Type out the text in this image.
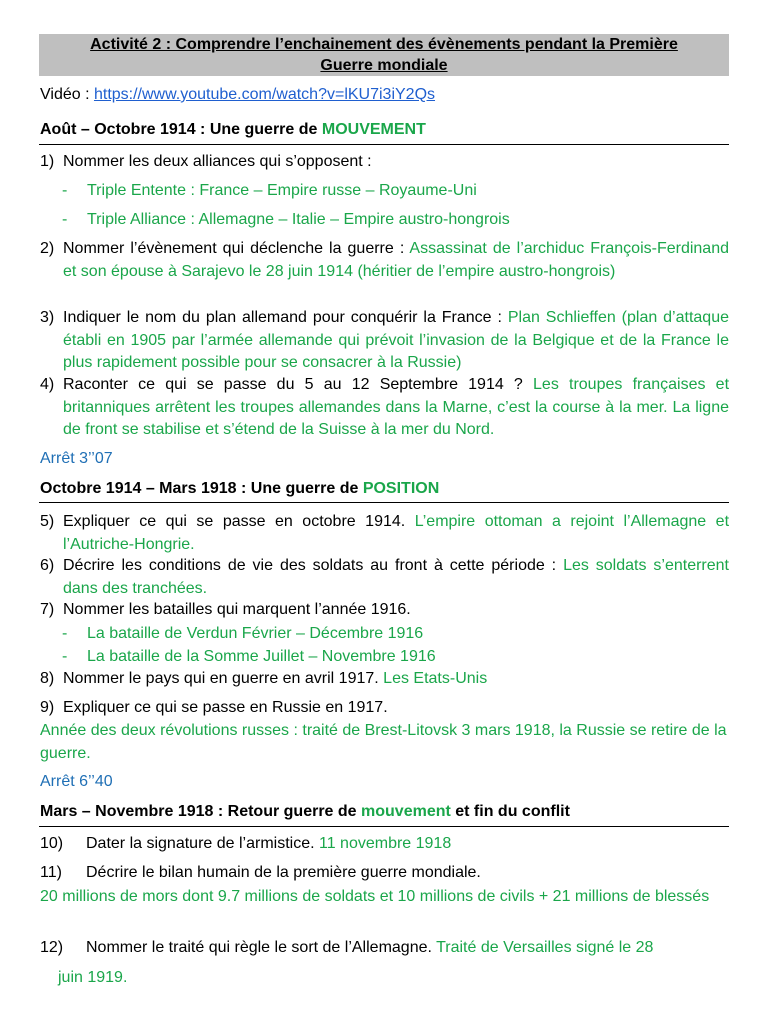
Activité 2 : Comprendre l’enchainement des évènements pendant la Première
Guerre mondiale
Vidéo : https://www.youtube.com/watch?v=lKU7i3iY2Qs
Août – Octobre 1914 : Une guerre de MOUVEMENT
1) Nommer les deux alliances qui s’opposent :
- Triple Entente : France – Empire russe – Royaume-Uni
- Triple Alliance : Allemagne – Italie – Empire austro-hongrois
2) Nommer l’évènement qui déclenche la guerre : Assassinat de l’archiduc François-Ferdinand et son épouse à Sarajevo le 28 juin 1914 (héritier de l’empire austro-hongrois)
3) Indiquer le nom du plan allemand pour conquérir la France : Plan Schlieffen (plan d’attaque établi en 1905 par l’armée allemande qui prévoit l’invasion de la Belgique et de la France le plus rapidement possible pour se consacrer à la Russie)
4) Raconter ce qui se passe du 5 au 12 Septembre 1914 ? Les troupes françaises et britanniques arrêtent les troupes allemandes dans la Marne, c’est la course à la mer. La ligne de front se stabilise et s’étend de la Suisse à la mer du Nord.
Arrêt 3’’07
Octobre 1914 – Mars 1918 : Une guerre de POSITION
5) Expliquer ce qui se passe en octobre 1914. L’empire ottoman a rejoint l’Allemagne et l’Autriche-Hongrie.
6) Décrire les conditions de vie des soldats au front à cette période : Les soldats s’enterrent dans des tranchées.
7) Nommer les batailles qui marquent l’année 1916.
- La bataille de Verdun Février – Décembre 1916
- La bataille de la Somme Juillet – Novembre 1916
8) Nommer le pays qui en guerre en avril 1917. Les Etats-Unis
9) Expliquer ce qui se passe en Russie en 1917.
Année des deux révolutions russes : traité de Brest-Litovsk 3 mars 1918, la Russie se retire de la guerre.
Arrêt 6’’40
Mars – Novembre 1918 : Retour guerre de mouvement et fin du conflit
10) Dater la signature de l’armistice. 11 novembre 1918
11) Décrire le bilan humain de la première guerre mondiale.
20 millions de mors dont 9.7 millions de soldats et 10 millions de civils + 21 millions de blessés
12) Nommer le traité qui règle le sort de l’Allemagne. Traité de Versailles signé le 28
juin 1919.
